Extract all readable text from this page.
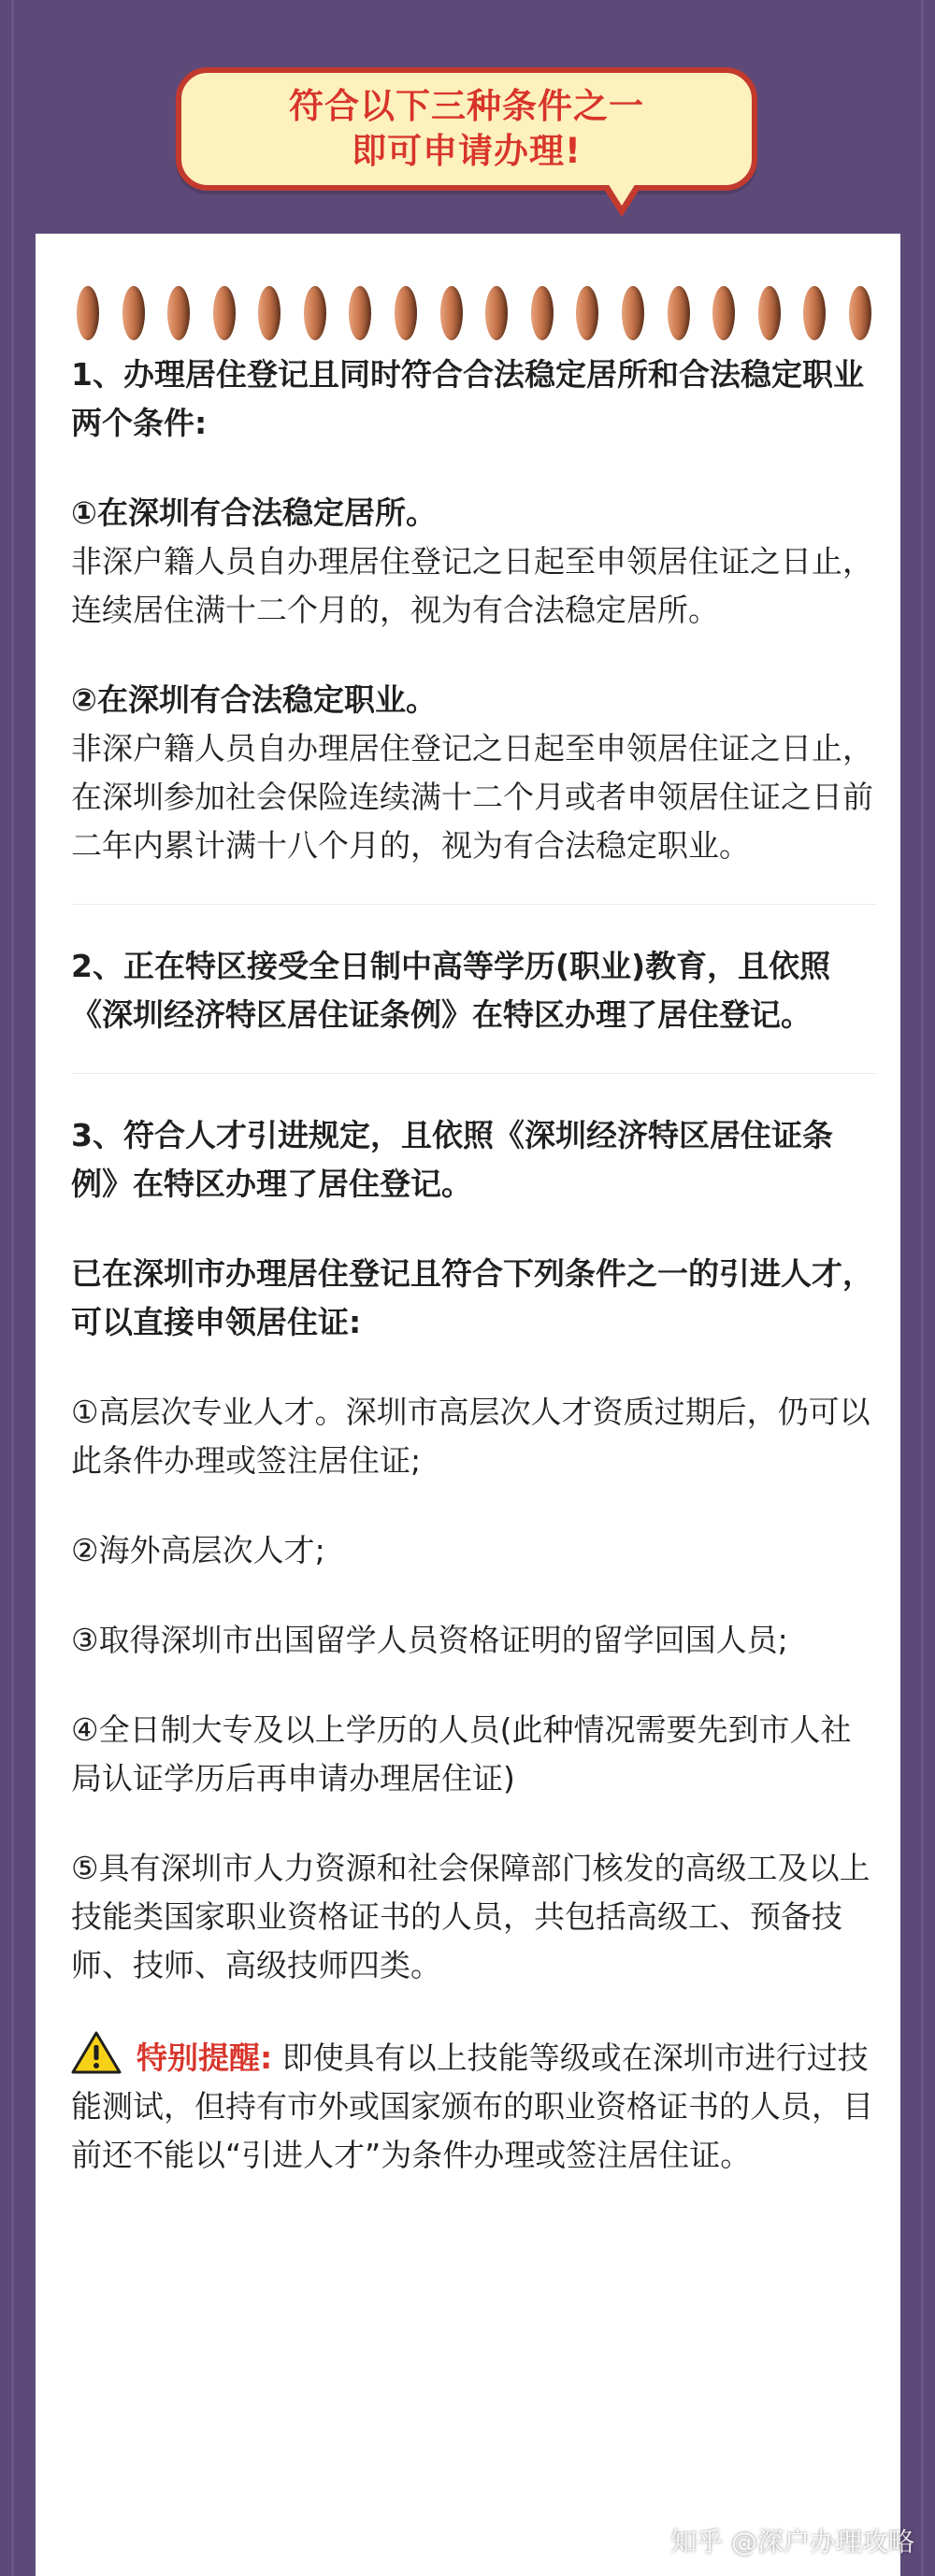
符合以下三种条件之一
即可申请办理!

1、办理居住登记且同时符合合法稳定居所和合法稳定职业两个条件:

①在深圳有合法稳定居所。

非深户籍人员自办理居住登记之日起至申领居住证之日止，连续居住满十二个月的，视为有合法稳定居所。

②在深圳有合法稳定职业。

非深户籍人员自办理居住登记之日起至申领居住证之日止，在深圳参加社会保险连续满十二个月或者申领居住证之日前二年内累计满十八个月的，视为有合法稳定职业。

2、正在特区接受全日制中高等学历(职业)教育，且依照《深圳经济特区居住证条例》在特区办理了居住登记。

3、符合人才引进规定，且依照《深圳经济特区居住证条例》在特区办理了居住登记。

已在深圳市办理居住登记且符合下列条件之一的引进人才，可以直接申领居住证:

①高层次专业人才。深圳市高层次人才资质过期后，仍可以此条件办理或签注居住证;

②海外高层次人才;

③取得深圳市出国留学人员资格证明的留学回国人员;

④全日制大专及以上学历的人员(此种情况需要先到市人社局认证学历后再申请办理居住证)

⑤具有深圳市人力资源和社会保障部门核发的高级工及以上技能类国家职业资格证书的人员，共包括高级工、预备技师、技师、高级技师四类。

特别提醒: 即使具有以上技能等级或在深圳市进行过技能测试，但持有市外或国家颁布的职业资格证书的人员，目前还不能以“引进人才”为条件办理或签注居住证。

知乎 @深户办理攻略
